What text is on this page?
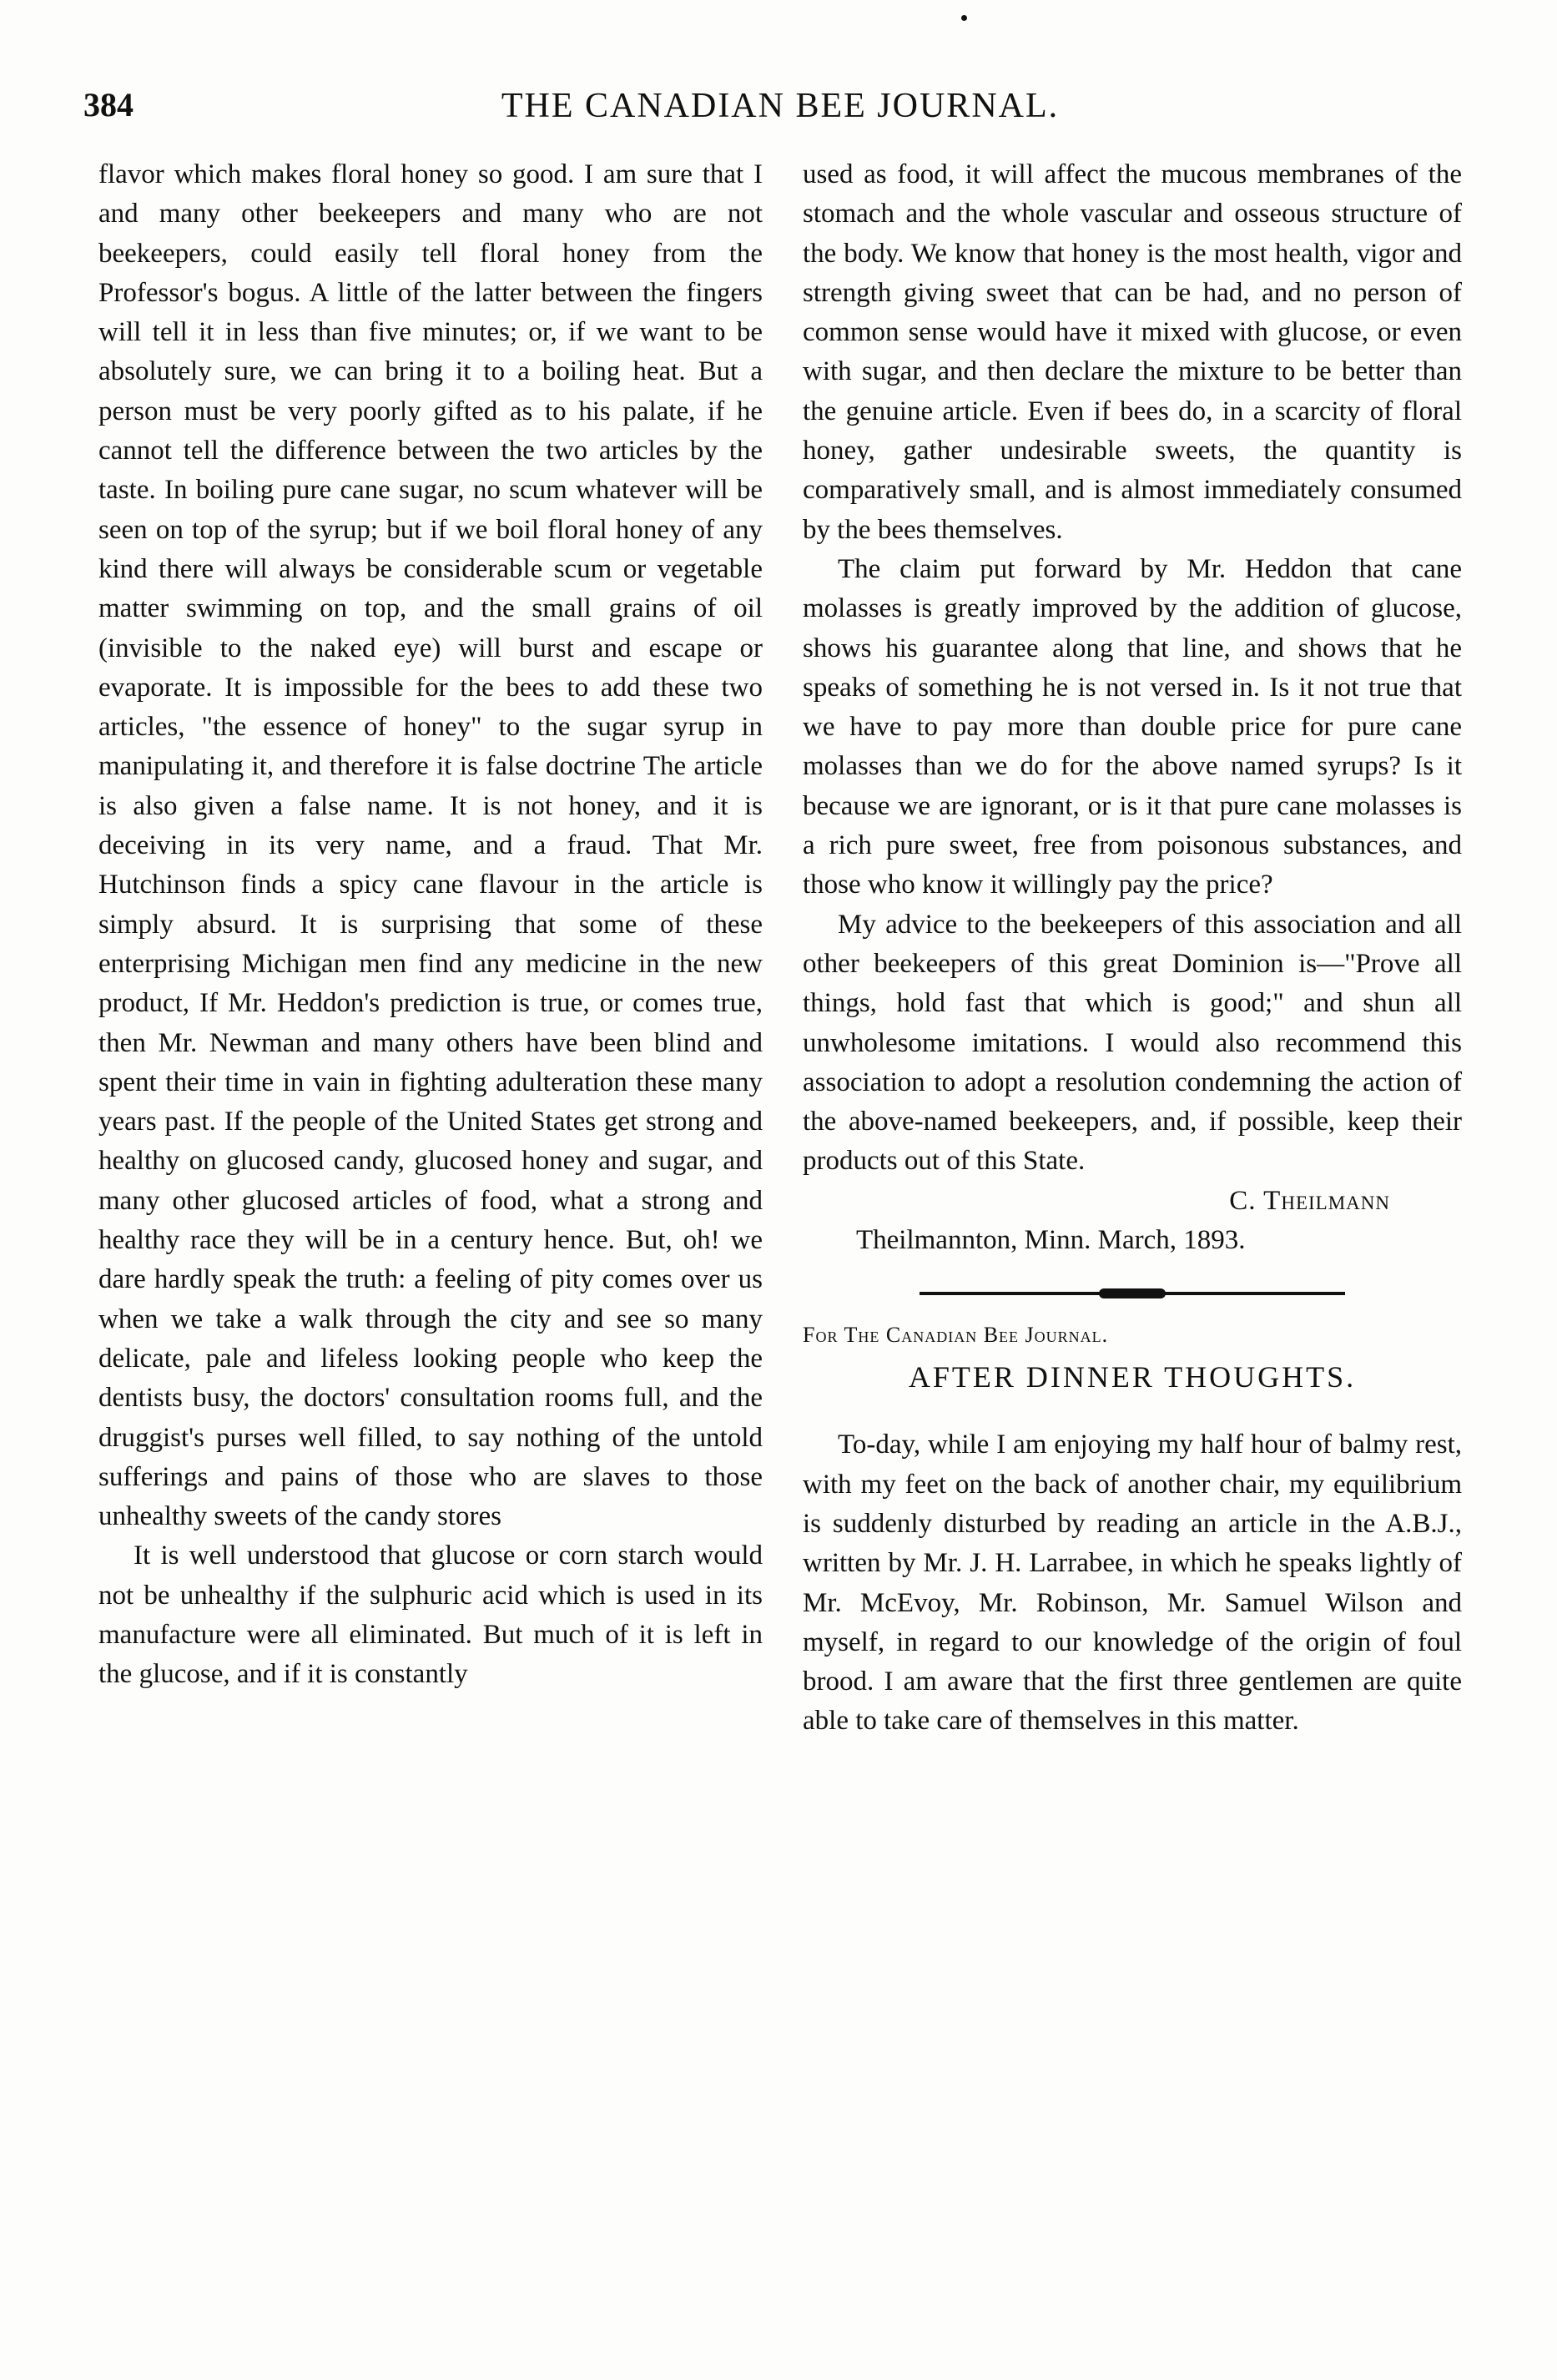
384	THE CANADIAN BEE JOURNAL.

flavor which makes floral honey so good. I am sure that I and many other beekeepers and many who are not beekeepers, could easily tell floral honey from the Professor's bogus. A little of the latter between the fingers will tell it in less than five minutes; or, if we want to be absolutely sure, we can bring it to a boiling heat. But a person must be very poorly gifted as to his palate, if he cannot tell the difference between the two articles by the taste. In boiling pure cane sugar, no scum whatever will be seen on top of the syrup; but if we boil floral honey of any kind there will always be considerable scum or vegetable matter swimming on top, and the small grains of oil (invisible to the naked eye) will burst and escape or evaporate. It is impossible for the bees to add these two articles, "the essence of honey" to the sugar syrup in manipulating it, and therefore it is false doctrine The article is also given a false name. It is not honey, and it is deceiving in its very name, and a fraud. That Mr. Hutchinson finds a spicy cane flavour in the article is simply absurd. It is surprising that some of these enterprising Michigan men find any medicine in the new product, If Mr. Heddon's prediction is true, or comes true, then Mr. Newman and many others have been blind and spent their time in vain in fighting adulteration these many years past. If the people of the United States get strong and healthy on glucosed candy, glucosed honey and sugar, and many other glucosed articles of food, what a strong and healthy race they will be in a century hence. But, oh! we dare hardly speak the truth: a feeling of pity comes over us when we take a walk through the city and see so many delicate, pale and lifeless looking people who keep the dentists busy, the doctors' consultation rooms full, and the druggist's purses well filled, to say nothing of the untold sufferings and pains of those who are slaves to those unhealthy sweets of the candy stores

It is well understood that glucose or corn starch would not be unhealthy if the sulphuric acid which is used in its manufacture were all eliminated. But much of it is left in the glucose, and if it is constantly

used as food, it will affect the mucous membranes of the stomach and the whole vascular and osseous structure of the body. We know that honey is the most health, vigor and strength giving sweet that can be had, and no person of common sense would have it mixed with glucose, or even with sugar, and then declare the mixture to be better than the genuine article. Even if bees do, in a scarcity of floral honey, gather undesirable sweets, the quantity is comparatively small, and is almost immediately consumed by the bees themselves.

The claim put forward by Mr. Heddon that cane molasses is greatly improved by the addition of glucose, shows his guarantee along that line, and shows that he speaks of something he is not versed in. Is it not true that we have to pay more than double price for pure cane molasses than we do for the above named syrups? Is it because we are ignorant, or is it that pure cane molasses is a rich pure sweet, free from poisonous substances, and those who know it willingly pay the price?

My advice to the beekeepers of this association and all other beekeepers of this great Dominion is—"Prove all things, hold fast that which is good;" and shun all unwholesome imitations. I would also recommend this association to adopt a resolution condemning the action of the above-named beekeepers, and, if possible, keep their products out of this State.

C. Theilmann
Theilmannton, Minn. March, 1893.
For The Canadian Bee Journal.
AFTER DINNER THOUGHTS.

To-day, while I am enjoying my half hour of balmy rest, with my feet on the back of another chair, my equilibrium is suddenly disturbed by reading an article in the A.B.J., written by Mr. J. H. Larrabee, in which he speaks lightly of Mr. McEvoy, Mr. Robinson, Mr. Samuel Wilson and myself, in regard to our knowledge of the origin of foul brood. I am aware that the first three gentlemen are quite able to take care of themselves in this matter.
